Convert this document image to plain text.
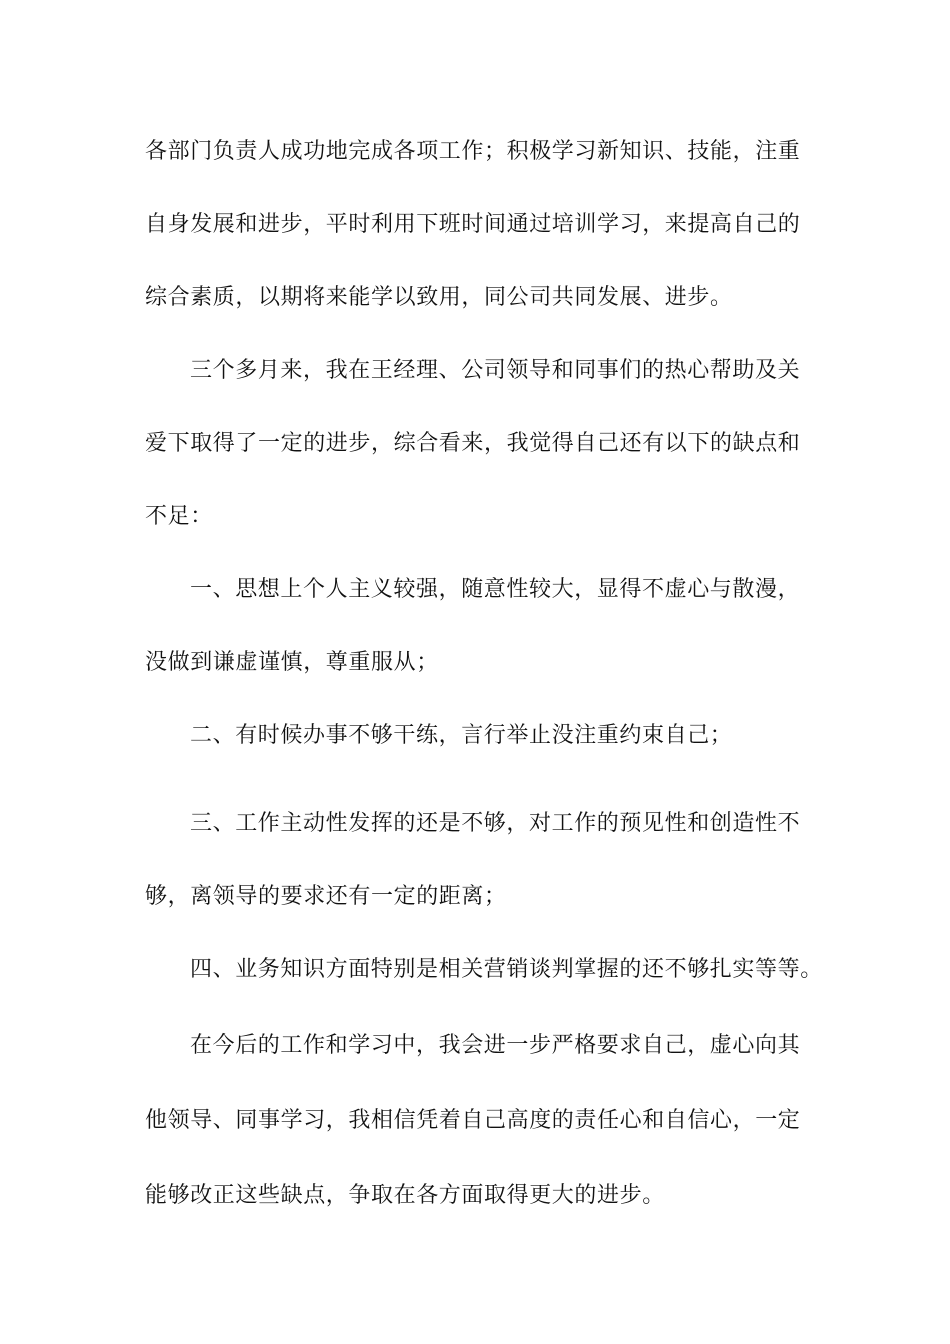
各部门负责人成功地完成各项工作；积极学习新知识、技能，注重
自身发展和进步，平时利用下班时间通过培训学习，来提高自己的
综合素质，以期将来能学以致用，同公司共同发展、进步。
三个多月来，我在王经理、公司领导和同事们的热心帮助及关
爱下取得了一定的进步，综合看来，我觉得自己还有以下的缺点和
不足：
一、思想上个人主义较强，随意性较大，显得不虚心与散漫，
没做到谦虚谨慎，尊重服从；
二、有时候办事不够干练，言行举止没注重约束自己；
三、工作主动性发挥的还是不够，对工作的预见性和创造性不
够，离领导的要求还有一定的距离；
四、业务知识方面特别是相关营销谈判掌握的还不够扎实等等。
在今后的工作和学习中，我会进一步严格要求自己，虚心向其
他领导、同事学习，我相信凭着自己高度的责任心和自信心，一定
能够改正这些缺点，争取在各方面取得更大的进步。
